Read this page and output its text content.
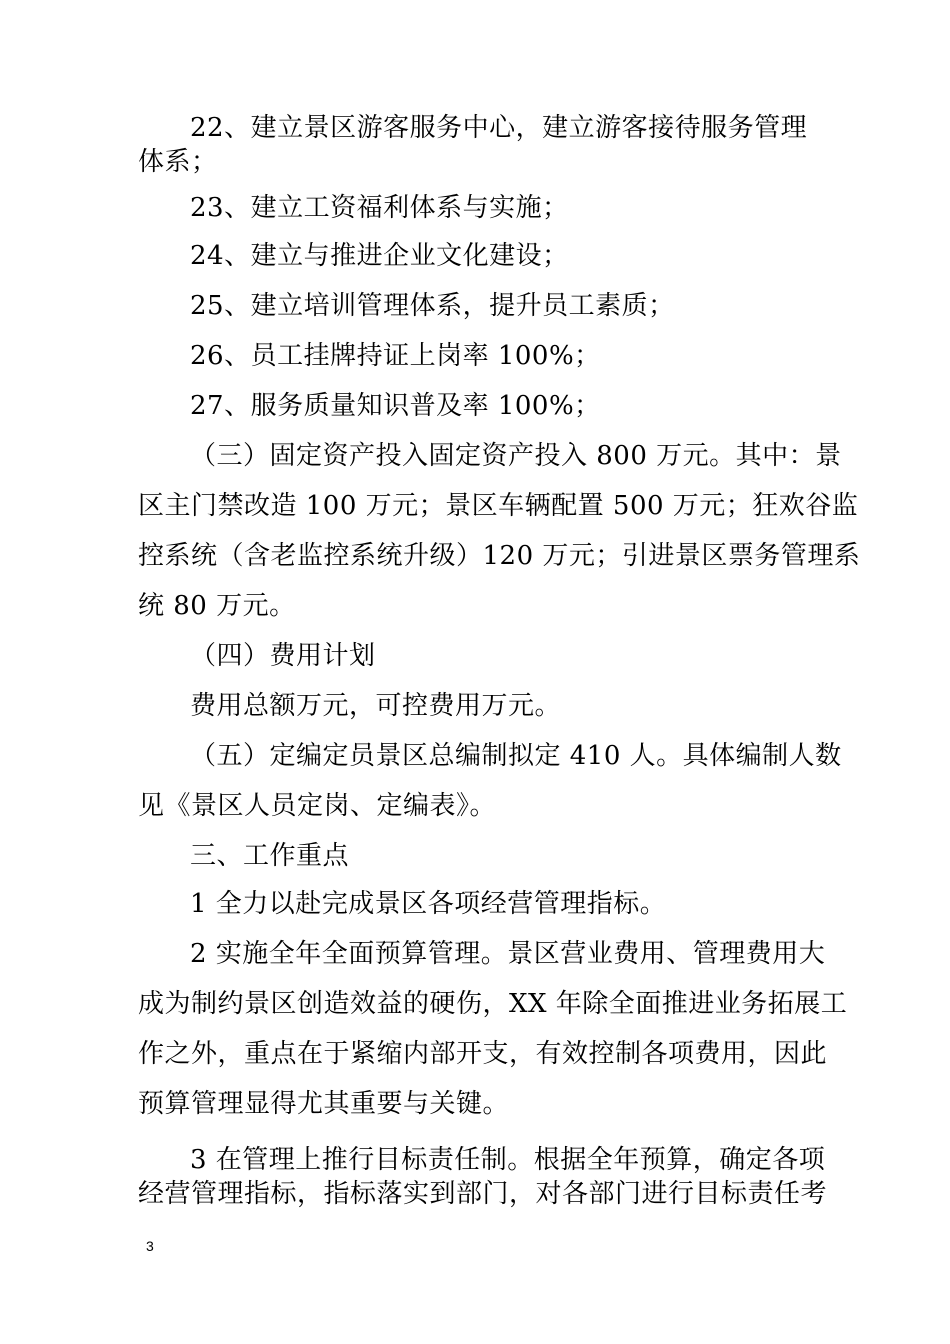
22、建立景区游客服务中心，建立游客接待服务管理
体系；
23、建立工资福利体系与实施；
24、建立与推进企业文化建设；
25、建立培训管理体系，提升员工素质；
26、员工挂牌持证上岗率 100%；
27、服务质量知识普及率 100%；
（三）固定资产投入固定资产投入 800 万元。其中：景
区主门禁改造 100 万元；景区车辆配置 500 万元；狂欢谷监
控系统（含老监控系统升级）120 万元；引进景区票务管理系
统 80 万元。
（四）费用计划
费用总额万元，可控费用万元。
（五）定编定员景区总编制拟定 410 人。具体编制人数
见《景区人员定岗、定编表》。
三、工作重点
1 全力以赴完成景区各项经营管理指标。
2 实施全年全面预算管理。景区营业费用、管理费用大
成为制约景区创造效益的硬伤，XX 年除全面推进业务拓展工
作之外，重点在于紧缩内部开支，有效控制各项费用，因此
预算管理显得尤其重要与关键。
3 在管理上推行目标责任制。根据全年预算，确定各项
经营管理指标，指标落实到部门，对各部门进行目标责任考
3
